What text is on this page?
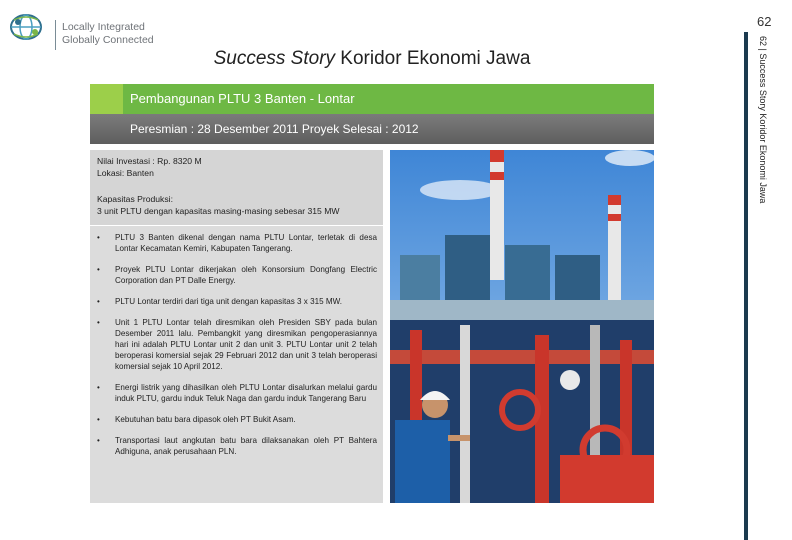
Locally Integrated
Globally Connected
62
62 | Success Story Koridor Ekonomi Jawa
Success Story Koridor Ekonomi Jawa
Pembangunan PLTU 3 Banten - Lontar
Peresmian : 28 Desember 2011 Proyek Selesai : 2012

Nilai Investasi : Rp. 8320 M

Lokasi: Banten

Kapasitas Produksi:

3 unit PLTU dengan kapasitas masing-masing sebesar 315 MW

• PLTU 3 Banten dikenal dengan nama PLTU Lontar, terletak di desa Lontar Kecamatan Kemiri, Kabupaten Tangerang.
• Proyek PLTU Lontar dikerjakan oleh Konsorsium Dongfang Electric Corporation dan PT Dalle Energy.
• PLTU Lontar terdiri dari tiga unit dengan kapasitas 3 x 315 MW.
• Unit 1 PLTU Lontar telah diresmikan oleh Presiden SBY pada bulan Desember 2011 lalu. Pembangkit yang diresmikan pengoperasiannya hari ini adalah PLTU Lontar unit 2 dan unit 3. PLTU Lontar unit 2 telah beroperasi komersial sejak 29 Februari 2012 dan unit 3 telah beroperasi komersial sejak 10 April 2012.
• Energi listrik yang dihasilkan oleh PLTU Lontar disalurkan melalui gardu induk PLTU, gardu induk Teluk Naga dan gardu induk Tangerang Baru
• Kebutuhan batu bara dipasok oleh PT Bukit Asam.
• Transportasi laut angkutan batu bara dilaksanakan oleh PT Bahtera Adhiguna, anak perusahaan PLN.
